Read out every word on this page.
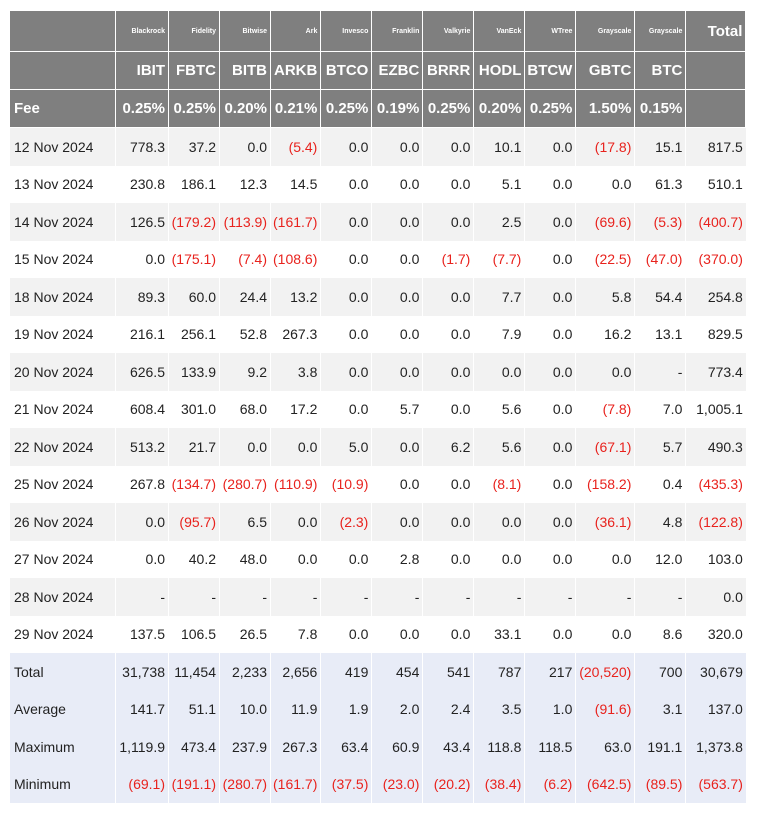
	Blackrock	Fidelity	Bitwise	Ark	Invesco	Franklin	Valkyrie	VanEck	WTree	Grayscale	Grayscale	Total
	IBIT	FBTC	BITB	ARKB	BTCO	EZBC	BRRR	HODL	BTCW	GBTC	BTC	
Fee	0.25%	0.25%	0.20%	0.21%	0.25%	0.19%	0.25%	0.20%	0.25%	1.50%	0.15%	
12 Nov 2024	778.3	37.2	0.0	(5.4)	0.0	0.0	0.0	10.1	0.0	(17.8)	15.1	817.5
13 Nov 2024	230.8	186.1	12.3	14.5	0.0	0.0	0.0	5.1	0.0	0.0	61.3	510.1
14 Nov 2024	126.5	(179.2)	(113.9)	(161.7)	0.0	0.0	0.0	2.5	0.0	(69.6)	(5.3)	(400.7)
15 Nov 2024	0.0	(175.1)	(7.4)	(108.6)	0.0	0.0	(1.7)	(7.7)	0.0	(22.5)	(47.0)	(370.0)
18 Nov 2024	89.3	60.0	24.4	13.2	0.0	0.0	0.0	7.7	0.0	5.8	54.4	254.8
19 Nov 2024	216.1	256.1	52.8	267.3	0.0	0.0	0.0	7.9	0.0	16.2	13.1	829.5
20 Nov 2024	626.5	133.9	9.2	3.8	0.0	0.0	0.0	0.0	0.0	0.0	-	773.4
21 Nov 2024	608.4	301.0	68.0	17.2	0.0	5.7	0.0	5.6	0.0	(7.8)	7.0	1,005.1
22 Nov 2024	513.2	21.7	0.0	0.0	5.0	0.0	6.2	5.6	0.0	(67.1)	5.7	490.3
25 Nov 2024	267.8	(134.7)	(280.7)	(110.9)	(10.9)	0.0	0.0	(8.1)	0.0	(158.2)	0.4	(435.3)
26 Nov 2024	0.0	(95.7)	6.5	0.0	(2.3)	0.0	0.0	0.0	0.0	(36.1)	4.8	(122.8)
27 Nov 2024	0.0	40.2	48.0	0.0	0.0	2.8	0.0	0.0	0.0	0.0	12.0	103.0
28 Nov 2024	-	-	-	-	-	-	-	-	-	-	-	0.0
29 Nov 2024	137.5	106.5	26.5	7.8	0.0	0.0	0.0	33.1	0.0	0.0	8.6	320.0
Total	31,738	11,454	2,233	2,656	419	454	541	787	217	(20,520)	700	30,679
Average	141.7	51.1	10.0	11.9	1.9	2.0	2.4	3.5	1.0	(91.6)	3.1	137.0
Maximum	1,119.9	473.4	237.9	267.3	63.4	60.9	43.4	118.8	118.5	63.0	191.1	1,373.8
Minimum	(69.1)	(191.1)	(280.7)	(161.7)	(37.5)	(23.0)	(20.2)	(38.4)	(6.2)	(642.5)	(89.5)	(563.7)
